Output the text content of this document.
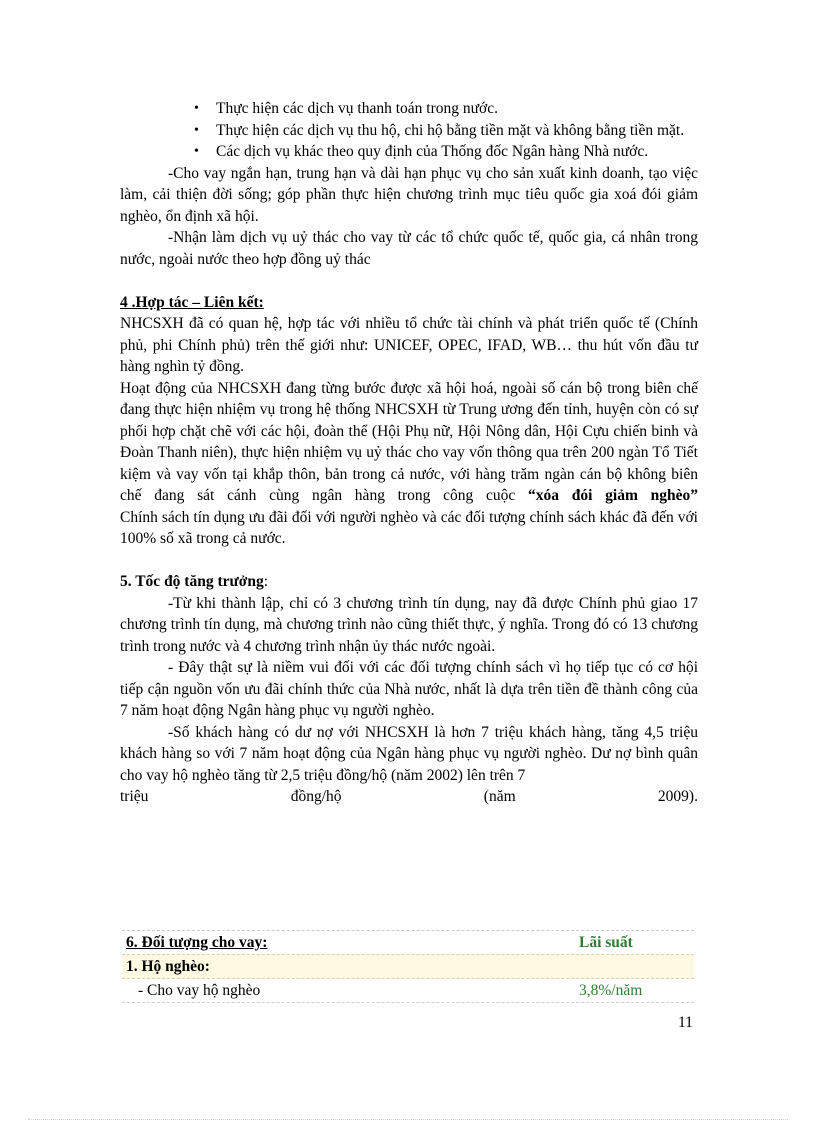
• Thực hiện các dịch vụ thanh toán trong nước.
• Thực hiện các dịch vụ thu hộ, chi hộ bằng tiền mặt và không bằng tiền mặt.
• Các dịch vụ khác theo quy định của Thống đốc Ngân hàng Nhà nước.

-Cho vay ngắn hạn, trung hạn và dài hạn phục vụ cho sản xuất kinh doanh, tạo việc làm, cải thiện đời sống; góp phần thực hiện chương trình mục tiêu quốc gia xoá đói giảm nghèo, ổn định xã hội.

-Nhận làm dịch vụ uỷ thác cho vay từ các tổ chức quốc tế, quốc gia, cá nhân trong nước, ngoài nước theo hợp đồng uỷ thác

4 .Hợp tác – Liên kết:

NHCSXH đã có quan hệ, hợp tác với nhiều tổ chức tài chính và phát triển quốc tế (Chính phủ, phi Chính phủ) trên thế giới như: UNICEF, OPEC, IFAD, WB… thu hút vốn đầu tư hàng nghìn tỷ đồng.

Hoạt động của NHCSXH đang từng bước được xã hội hoá, ngoài số cán bộ trong biên chế đang thực hiện nhiệm vụ trong hệ thống NHCSXH từ Trung ương đến tỉnh, huyện còn có sự phối hợp chặt chẽ với các hội, đoàn thể (Hội Phụ nữ, Hội Nông dân, Hội Cựu chiến binh và Đoàn Thanh niên), thực hiện nhiệm vụ uỷ thác cho vay vốn thông qua trên 200 ngàn Tổ Tiết kiệm và vay vốn tại khắp thôn, bản trong cả nước, với hàng trăm ngàn cán bộ không biên chế đang sát cánh cùng ngân hàng trong công cuộc “xóa đói giảm nghèo”

Chính sách tín dụng ưu đãi đối với người nghèo và các đối tượng chính sách khác đã đến với 100% số xã trong cả nước.

5. Tốc độ tăng trưởng:

-Từ khi thành lập, chỉ có 3 chương trình tín dụng, nay đã được Chính phủ giao 17 chương trình tín dụng, mà chương trình nào cũng thiết thực, ý nghĩa. Trong đó có 13 chương trình trong nước và 4 chương trình nhận ủy thác nước ngoài.

- Đây thật sự là niềm vui đối với các đối tượng chính sách vì họ tiếp tục có cơ hội tiếp cận nguồn vốn ưu đãi chính thức của Nhà nước, nhất là dựa trên tiền đề thành công của 7 năm hoạt động Ngân hàng phục vụ người nghèo.

-Số khách hàng có dư nợ với NHCSXH là hơn 7 triệu khách hàng, tăng 4,5 triệu khách hàng so với 7 năm hoạt động của Ngân hàng phục vụ người nghèo. Dư nợ bình quân cho vay hộ nghèo tăng từ 2,5 triệu đồng/hộ (năm 2002) lên trên 7

triệu	đồng/hộ	(năm	2009).
6. Đối tượng cho vay:	Lãi suất
1. Hộ nghèo:
- Cho vay hộ nghèo	3,8%/năm
11
